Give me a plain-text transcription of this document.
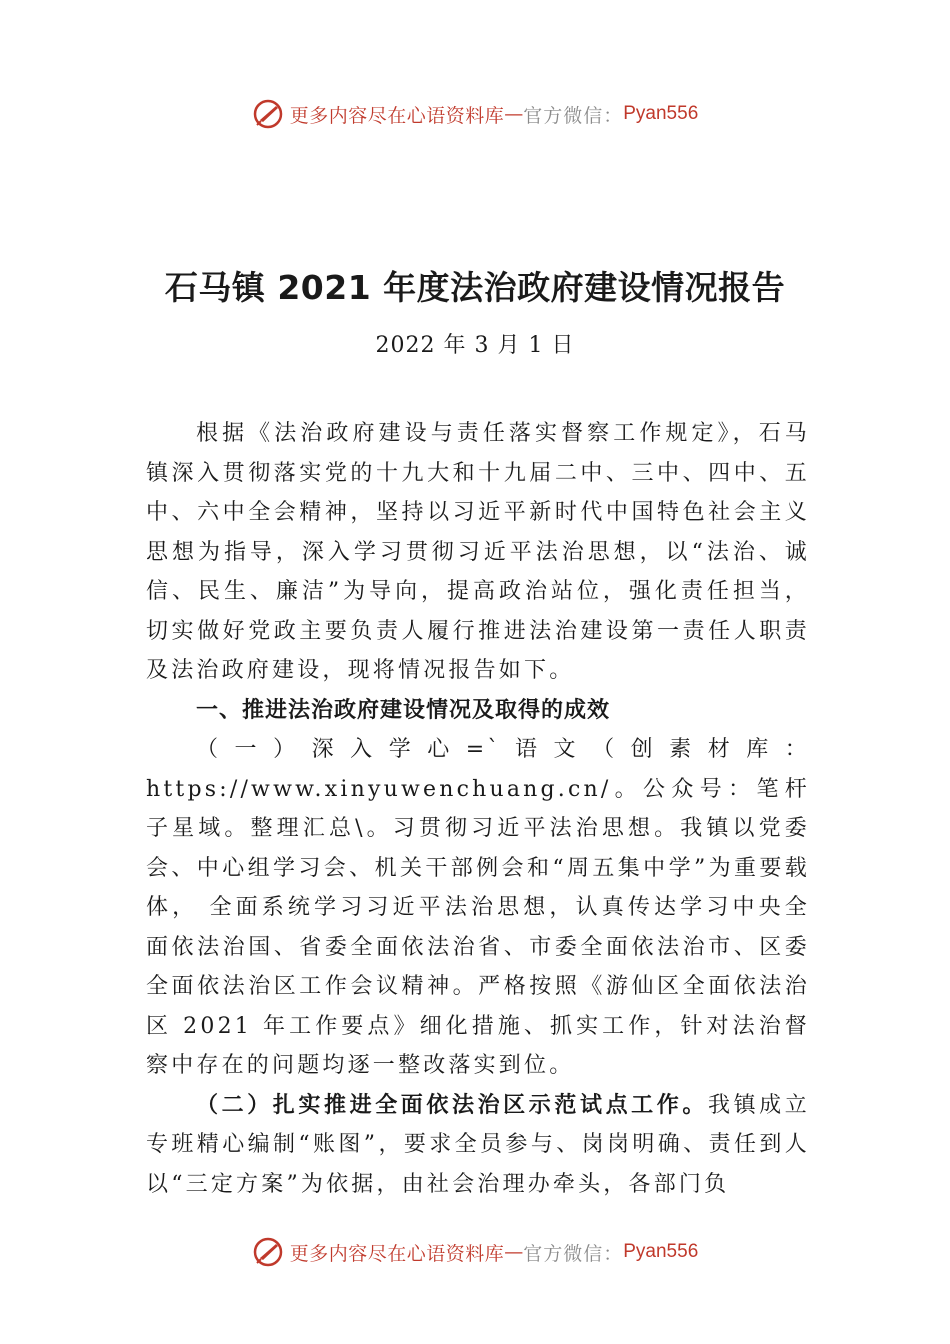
更多内容尽在心语资料库 — 官方微信： Pyan556
石马镇 2021 年度法治政府建设情况报告
2022 年 3 月 1 日

根据《法治政府建设与责任落实督察工作规定》，石马镇深入贯彻落实党的十九大和十九届二中、三中、四中、五中、六中全会精神，坚持以习近平新时代中国特色社会主义思想为指导，深入学习贯彻习近平法治思想，以“法治、诚信、民生、廉洁”为导向，提高政治站位，强化责任担当，切实做好党政主要负责人履行推进法治建设第一责任人职责及法治政府建设，现将情况报告如下。

一、推进法治政府建设情况及取得的成效

（一）深入学心=`语文（创素材库：https://www.xinyuwenchuang.cn/。公众号：笔杆子星域。整理汇总\。习贯彻习近平法治思想。我镇以党委会、中心组学习会、机关干部例会和“周五集中学”为重要载体， 全面系统学习习近平法治思想，认真传达学习中央全面依法治国、省委全面依法治省、市委全面依法治市、区委全面依法治区工作会议精神。严格按照《游仙区全面依法治区 2021 年工作要点》细化措施、抓实工作，针对法治督察中存在的问题均逐一整改落实到位。

（二）扎实推进全面依法治区示范试点工作。我镇成立专班精心编制“账图”，要求全员参与、岗岗明确、责任到人以“三定方案”为依据，由社会治理办牵头，各部门负

更多内容尽在心语资料库 — 官方微信： Pyan556
